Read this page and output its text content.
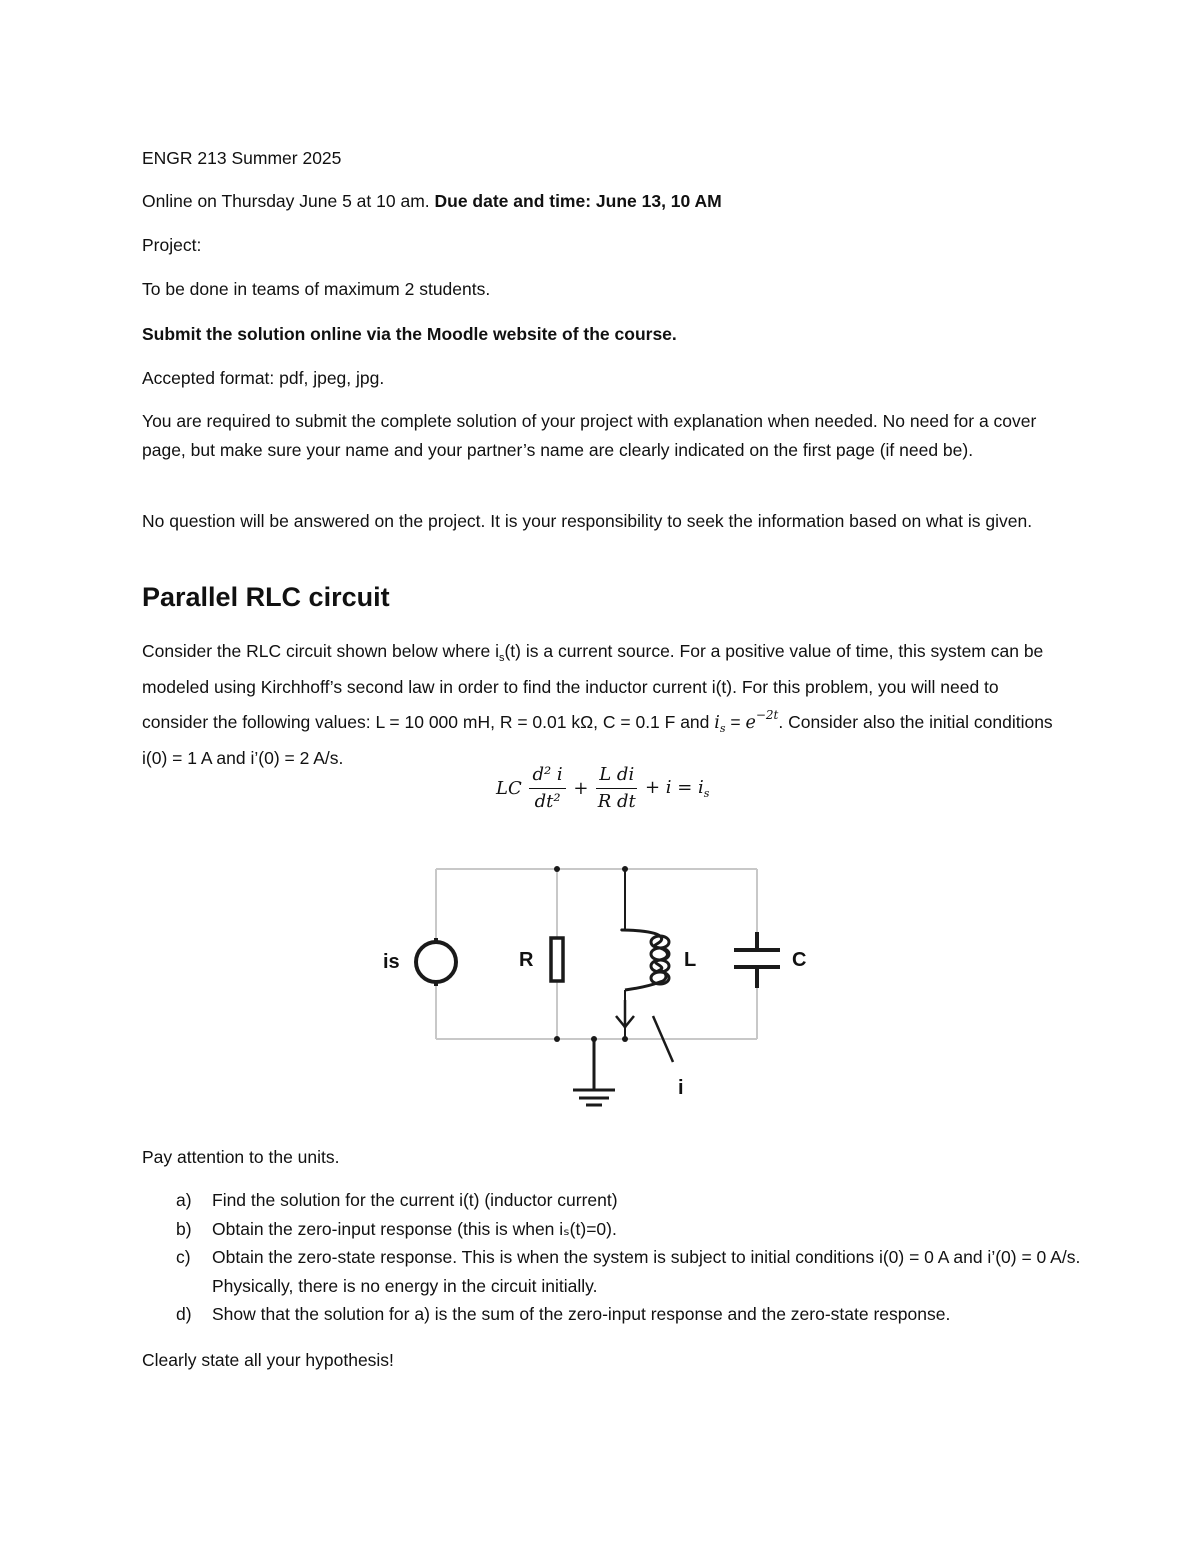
ENGR 213 Summer 2025

Online on Thursday June 5 at 10 am. Due date and time: June 13, 10 AM

Project:

To be done in teams of maximum 2 students.

Submit the solution online via the Moodle website of the course.

Accepted format: pdf, jpeg, jpg.

You are required to submit the complete solution of your project with explanation when needed. No need for a cover page, but make sure your name and your partner’s name are clearly indicated on the first page (if need be).

No question will be answered on the project. It is your responsibility to seek the information based on what is given.

Parallel RLC circuit

Consider the RLC circuit shown below where $i_s(t)$ is a current source. For a positive value of time, this system can be modeled using Kirchhoff’s second law in order to find the inductor current i(t). For this problem, you will need to consider the following values: L = 10 000 mH, R = 0.01 kΩ, C = 0.1 F and $i_s = e^{-2t}$. Consider also the initial conditions i(0) = 1 A and i’(0) = 2 A/s.

LC $\frac{\text{d² i}}{\text{dt²}} + \frac{\text{L di}}{\text{R dt}} + i = i_s$
is	R	L	C
i

Pay attention to the units.

a) Find the solution for the current i(t) (inductor current)
b) Obtain the zero-input response (this is when iₛ(t)=0).
c) Obtain the zero-state response. This is when the system is subject to initial conditions i(0) = 0 A and i’(0) = 0 A/s. Physically, there is no energy in the circuit initially.
d) Show that the solution for a) is the sum of the zero-input response and the zero-state response.

Clearly state all your hypothesis!
